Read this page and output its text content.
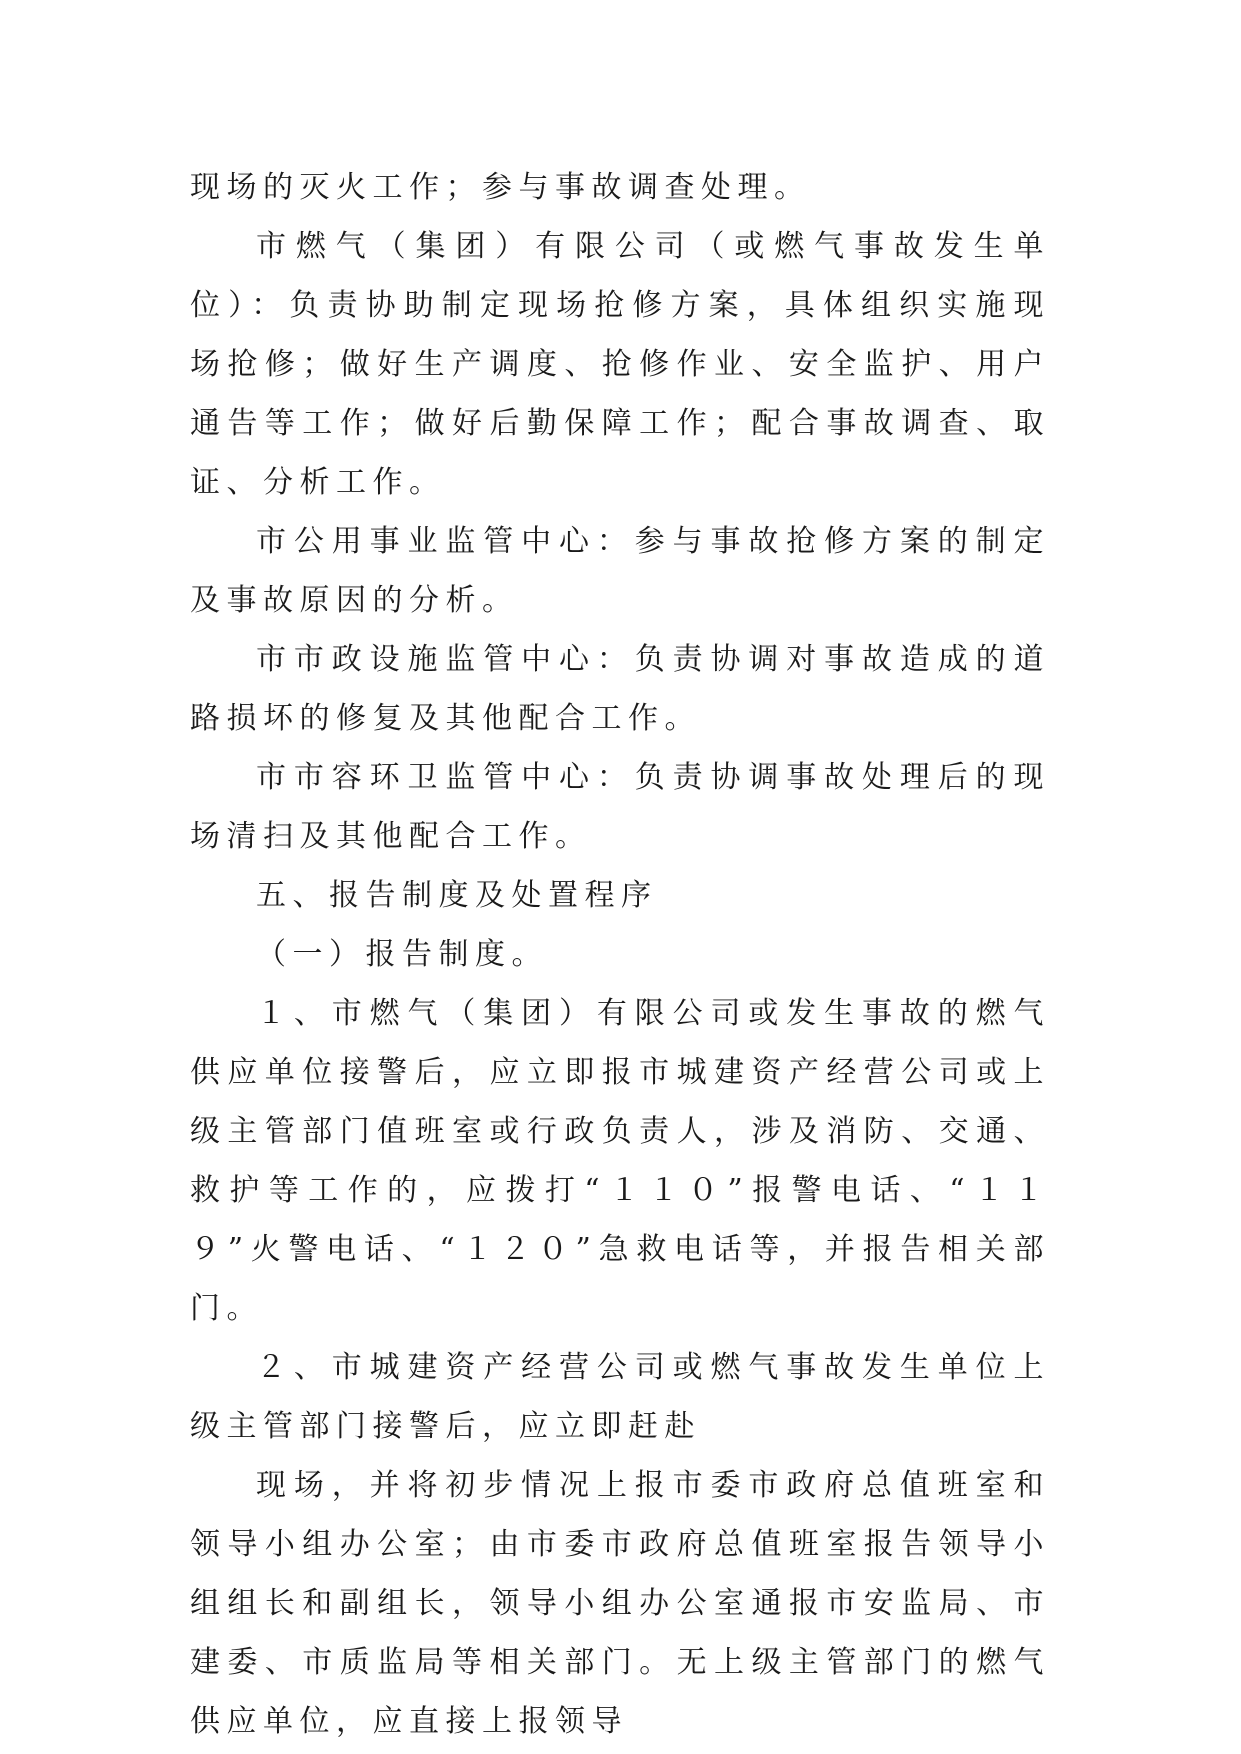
现场的灭火工作；参与事故调查处理。

市燃气（集团）有限公司（或燃气事故发生单位）：负责协助制定现场抢修方案，具体组织实施现场抢修；做好生产调度、抢修作业、安全监护、用户通告等工作；做好后勤保障工作；配合事故调查、取证、分析工作。

市公用事业监管中心：参与事故抢修方案的制定及事故原因的分析。

市市政设施监管中心：负责协调对事故造成的道路损坏的修复及其他配合工作。

市市容环卫监管中心：负责协调事故处理后的现场清扫及其他配合工作。

五、报告制度及处置程序

（一）报告制度。

１、市燃气（集团）有限公司或发生事故的燃气供应单位接警后，应立即报市城建资产经营公司或上级主管部门值班室或行政负责人，涉及消防、交通、救护等工作的，应拨打“１１０”报警电话、“１１９”火警电话、“１２０”急救电话等，并报告相关部门。

２、市城建资产经营公司或燃气事故发生单位上级主管部门接警后，应立即赶赴

现场，并将初步情况上报市委市政府总值班室和领导小组办公室；由市委市政府总值班室报告领导小组组长和副组长，领导小组办公室通报市安监局、市建委、市质监局等相关部门。无上级主管部门的燃气供应单位，应直接上报领导
